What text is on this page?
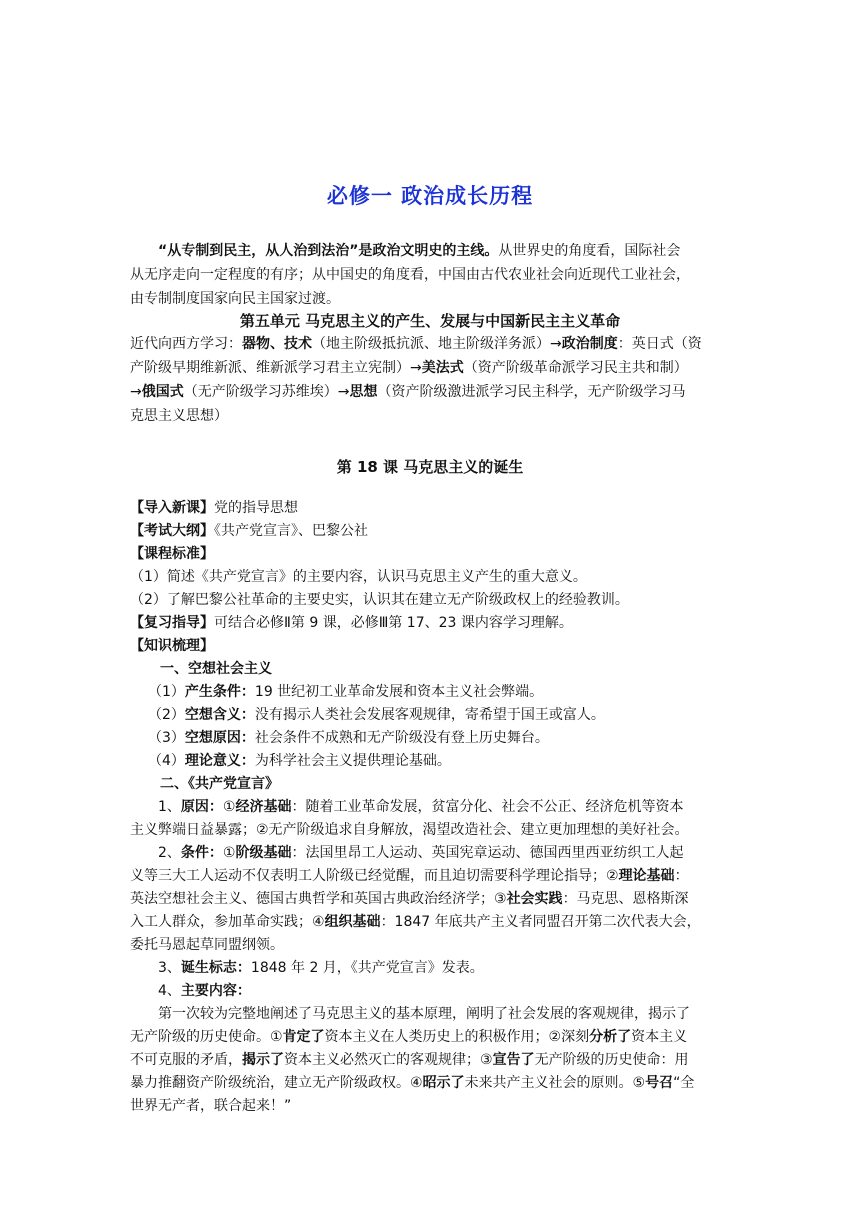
必修一 政治成长历程
“从专制到民主，从人治到法治”是政治文明史的主线。从世界史的角度看，国际社会
从无序走向一定程度的有序；从中国史的角度看，中国由古代农业社会向近现代工业社会，
由专制制度国家向民主国家过渡。
第五单元 马克思主义的产生、发展与中国新民主主义革命
近代向西方学习：器物、技术（地主阶级抵抗派、地主阶级洋务派）→政治制度：英日式（资
产阶级早期维新派、维新派学习君主立宪制）→美法式（资产阶级革命派学习民主共和制）
→俄国式（无产阶级学习苏维埃）→思想（资产阶级激进派学习民主科学，无产阶级学习马
克思主义思想）
第 18 课 马克思主义的诞生
【导入新课】党的指导思想
【考试大纲】《共产党宣言》、巴黎公社
【课程标准】
（1）简述《共产党宣言》的主要内容，认识马克思主义产生的重大意义。
（2）了解巴黎公社革命的主要史实，认识其在建立无产阶级政权上的经验教训。
【复习指导】可结合必修Ⅱ第 9 课，必修Ⅲ第 17、23 课内容学习理解。
【知识梳理】
一、空想社会主义
（1）产生条件：19 世纪初工业革命发展和资本主义社会弊端。
（2）空想含义：没有揭示人类社会发展客观规律，寄希望于国王或富人。
（3）空想原因：社会条件不成熟和无产阶级没有登上历史舞台。
（4）理论意义：为科学社会主义提供理论基础。
二、《共产党宣言》
1、原因：①经济基础：随着工业革命发展，贫富分化、社会不公正、经济危机等资本
主义弊端日益暴露；②无产阶级追求自身解放，渴望改造社会、建立更加理想的美好社会。
2、条件：①阶级基础：法国里昂工人运动、英国宪章运动、德国西里西亚纺织工人起
义等三大工人运动不仅表明工人阶级已经觉醒，而且迫切需要科学理论指导；②理论基础：
英法空想社会主义、德国古典哲学和英国古典政治经济学；③社会实践：马克思、恩格斯深
入工人群众，参加革命实践；④组织基础：1847 年底共产主义者同盟召开第二次代表大会，
委托马恩起草同盟纲领。
3、诞生标志：1848 年 2 月，《共产党宣言》发表。
4、主要内容：
第一次较为完整地阐述了马克思主义的基本原理，阐明了社会发展的客观规律，揭示了
无产阶级的历史使命。①肯定了资本主义在人类历史上的积极作用；②深刻分析了资本主义
不可克服的矛盾，揭示了资本主义必然灭亡的客观规律；③宣告了无产阶级的历史使命：用
暴力推翻资产阶级统治，建立无产阶级政权。④昭示了未来共产主义社会的原则。⑤号召“全
世界无产者，联合起来！”
